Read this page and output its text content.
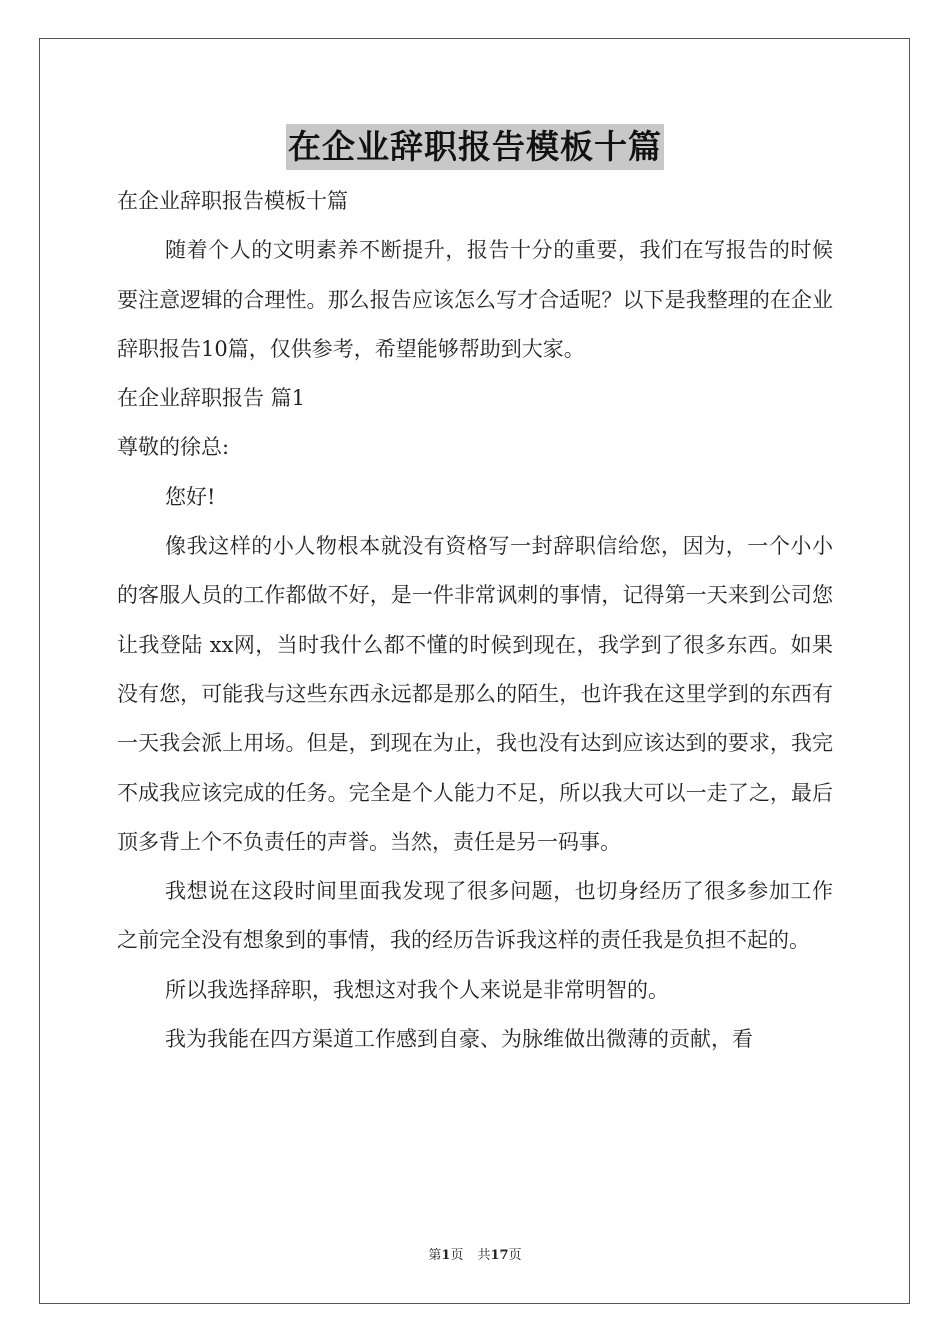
在企业辞职报告模板十篇

在企业辞职报告模板十篇

随着个人的文明素养不断提升，报告十分的重要，我们在写报告的时候要注意逻辑的合理性。那么报告应该怎么写才合适呢？以下是我整理的在企业辞职报告10篇，仅供参考，希望能够帮助到大家。

在企业辞职报告 篇1

尊敬的徐总:

您好!

像我这样的小人物根本就没有资格写一封辞职信给您，因为，一个小小的客服人员的工作都做不好，是一件非常讽刺的事情，记得第一天来到公司您让我登陆 xx网，当时我什么都不懂的时候到现在，我学到了很多东西。如果没有您，可能我与这些东西永远都是那么的陌生，也许我在这里学到的东西有一天我会派上用场。但是，到现在为止，我也没有达到应该达到的要求，我完不成我应该完成的任务。完全是个人能力不足，所以我大可以一走了之，最后顶多背上个不负责任的声誉。当然，责任是另一码事。

我想说在这段时间里面我发现了很多问题，也切身经历了很多参加工作之前完全没有想象到的事情，我的经历告诉我这样的责任我是负担不起的。

所以我选择辞职，我想这对我个人来说是非常明智的。

我为我能在四方渠道工作感到自豪、为脉维做出微薄的贡献，看

第1页 共17页
